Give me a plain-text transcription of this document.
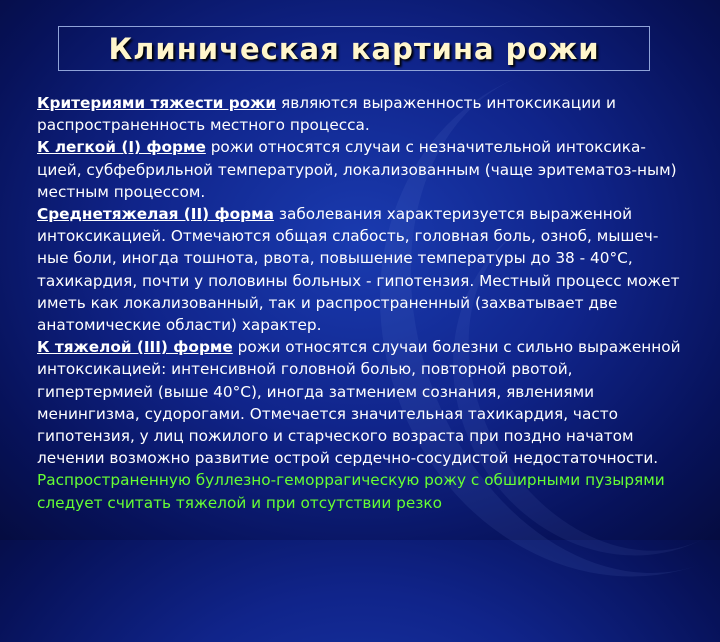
Клиническая картина рожи

Критериями тяжести рожи являются выраженность интоксикации и распространенность местного процесса.

К легкой (I) форме рожи относятся случаи с незначительной интоксика-цией, субфебрильной температурой, локализованным (чаще эритематоз-ным) местным процессом.

Среднетяжелая (II) форма заболевания характеризуется выраженной интоксикацией. Отмечаются общая слабость, головная боль, озноб, мышеч-ные боли, иногда тошнота, рвота, повышение температуры до 38 - 40°С, тахикардия, почти у половины больных - гипотензия. Местный процесс может иметь как локализованный, так и распространенный (захватывает две анатомические области) характер.

К тяжелой (III) форме рожи относятся случаи болезни с сильно выраженной интоксикацией: интенсивной головной болью, повторной рвотой, гипертермией (выше 40°С), иногда затмением сознания, явлениями менингизма, судорогами. Отмечается значительная тахикардия, часто гипотензия, у лиц пожилого и старческого возраста при поздно начатом лечении возможно развитие острой сердечно-сосудистой недостаточности.

Распространенную буллезно-геморрагическую рожу с обширными пузырями следует считать тяжелой и при отсутствии резко
